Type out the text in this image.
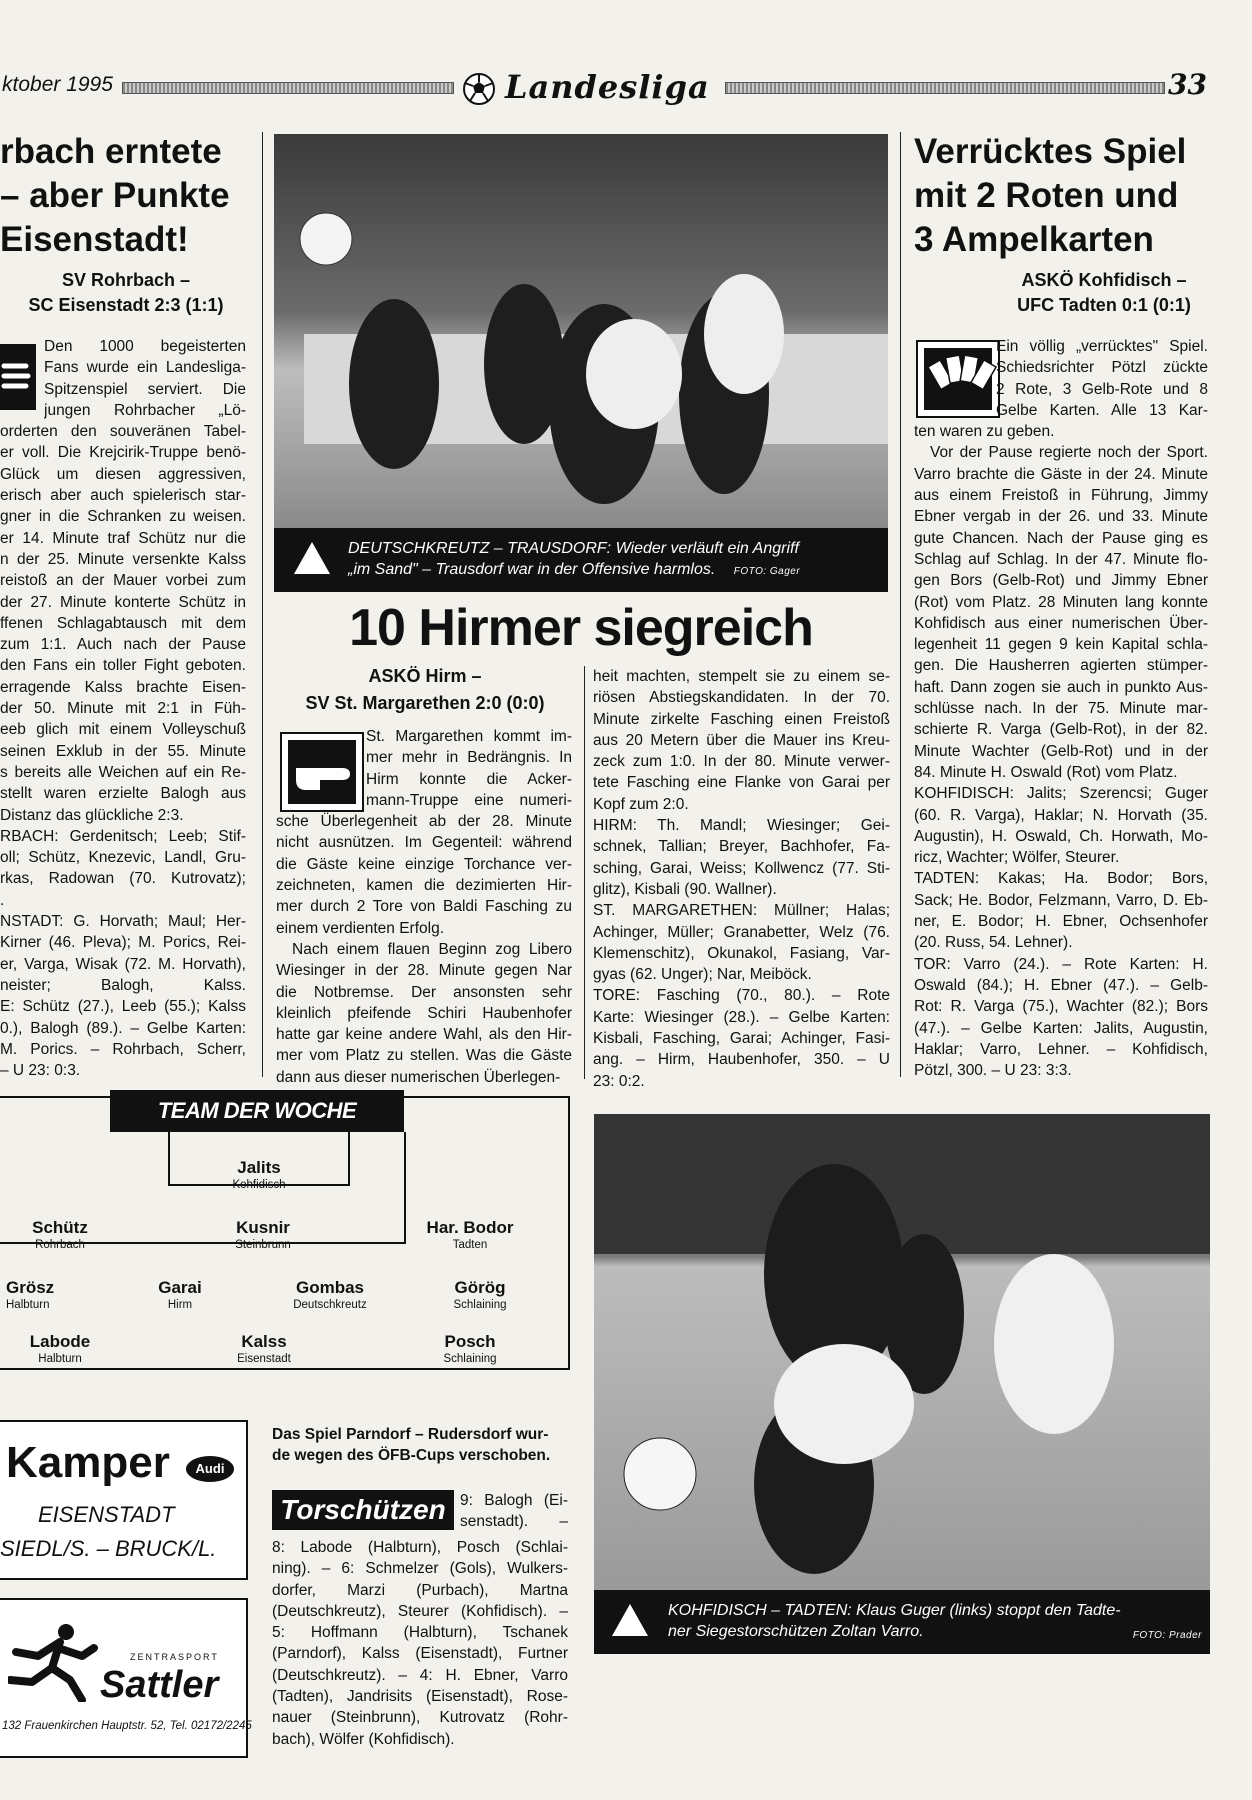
ktober 1995	Landesliga	33
rbach erntete
– aber Punkte
Eisenstadt!
SV Rohrbach –
SC Eisenstadt 2:3 (1:1)
Den 1000 begeisterten
Fans wurde ein Landesliga-
Spitzenspiel serviert. Die
jungen Rohrbacher „Lö-
orderten den souveränen Tabel-
er voll. Die Krejcirik-Truppe benö-
Glück um diesen aggressiven,
erisch aber auch spielerisch star-
gner in die Schranken zu weisen.
er 14. Minute traf Schütz nur die
n der 25. Minute versenkte Kalss
reistoß an der Mauer vorbei zum
der 27. Minute konterte Schütz in
ffenen Schlagabtausch mit dem
zum 1:1. Auch nach der Pause
den Fans ein toller Fight geboten.
erragende Kalss brachte Eisen-
der 50. Minute mit 2:1 in Füh-
eeb glich mit einem Volleyschuß
seinen Exklub in der 55. Minute
s bereits alle Weichen auf ein Re-
stellt waren erzielte Balogh aus
Distanz das glückliche 2:3.
RBACH: Gerdenitsch; Leeb; Stif-
oll; Schütz, Knezevic, Landl, Gru-
rkas, Radowan (70. Kutrovatz);
.
NSTADT: G. Horvath; Maul; Her-
Kirner (46. Pleva); M. Porics, Rei-
er, Varga, Wisak (72. M. Horvath),
neister; Balogh, Kalss.
E: Schütz (27.), Leeb (55.); Kalss
0.), Balogh (89.). – Gelbe Karten:
M. Porics. – Rohrbach, Scherr,
– U 23: 0:3.
DEUTSCHKREUTZ – TRAUSDORF: Wieder verläuft ein Angriff
„im Sand" – Trausdorf war in der Offensive harmlos. FOTO: Gager
10 Hirmer siegreich
ASKÖ Hirm –
SV St. Margarethen 2:0 (0:0)
St. Margarethen kommt im-
mer mehr in Bedrängnis. In
Hirm konnte die Acker-
mann-Truppe eine numeri-
sche Überlegenheit ab der 28. Minute
nicht ausnützen. Im Gegenteil: während
die Gäste keine einzige Torchance ver-
zeichneten, kamen die dezimierten Hir-
mer durch 2 Tore von Baldi Fasching zu
einem verdienten Erfolg.
Nach einem flauen Beginn zog Libero
Wiesinger in der 28. Minute gegen Nar
die Notbremse. Der ansonsten sehr
kleinlich pfeifende Schiri Haubenhofer
hatte gar keine andere Wahl, als den Hir-
mer vom Platz zu stellen. Was die Gäste
dann aus dieser numerischen Überlegen-
heit machten, stempelt sie zu einem se-
riösen Abstiegskandidaten. In der 70.
Minute zirkelte Fasching einen Freistoß
aus 20 Metern über die Mauer ins Kreu-
zeck zum 1:0. In der 80. Minute verwer-
tete Fasching eine Flanke von Garai per
Kopf zum 2:0.
HIRM: Th. Mandl; Wiesinger; Gei-
schnek, Tallian; Breyer, Bachhofer, Fa-
sching, Garai, Weiss; Kollwencz (77. Sti-
glitz), Kisbali (90. Wallner).
ST. MARGARETHEN: Müllner; Halas;
Achinger, Müller; Granabetter, Welz (76.
Klemenschitz), Okunakol, Fasiang, Var-
gyas (62. Unger); Nar, Meiböck.
TORE: Fasching (70., 80.). – Rote
Karte: Wiesinger (28.). – Gelbe Karten:
Kisbali, Fasching, Garai; Achinger, Fasi-
ang. – Hirm, Haubenhofer, 350. – U
23: 0:2.
Verrücktes Spiel
mit 2 Roten und
3 Ampelkarten
ASKÖ Kohfidisch –
UFC Tadten 0:1 (0:1)
Ein völlig „verrücktes" Spiel.
Schiedsrichter Pötzl zückte
2 Rote, 3 Gelb-Rote und 8
Gelbe Karten. Alle 13 Kar-
ten waren zu geben.
Vor der Pause regierte noch der Sport.
Varro brachte die Gäste in der 24. Minute
aus einem Freistoß in Führung, Jimmy
Ebner vergab in der 26. und 33. Minute
gute Chancen. Nach der Pause ging es
Schlag auf Schlag. In der 47. Minute flo-
gen Bors (Gelb-Rot) und Jimmy Ebner
(Rot) vom Platz. 28 Minuten lang konnte
Kohfidisch aus einer numerischen Über-
legenheit 11 gegen 9 kein Kapital schla-
gen. Die Hausherren agierten stümper-
haft. Dann zogen sie auch in punkto Aus-
schlüsse nach. In der 75. Minute mar-
schierte R. Varga (Gelb-Rot), in der 82.
Minute Wachter (Gelb-Rot) und in der
84. Minute H. Oswald (Rot) vom Platz.
KOHFIDISCH: Jalits; Szerencsi; Guger
(60. R. Varga), Haklar; N. Horvath (35.
Augustin), H. Oswald, Ch. Horwath, Mo-
ricz, Wachter; Wölfer, Steurer.
TADTEN: Kakas; Ha. Bodor; Bors,
Sack; He. Bodor, Felzmann, Varro, D. Eb-
ner, E. Bodor; H. Ebner, Ochsenhofer
(20. Russ, 54. Lehner).
TOR: Varro (24.). – Rote Karten: H.
Oswald (84.); H. Ebner (47.). – Gelb-
Rot: R. Varga (75.), Wachter (82.); Bors
(47.). – Gelbe Karten: Jalits, Augustin,
Haklar; Varro, Lehner. – Kohfidisch,
Pötzl, 300. – U 23: 3:3.
TEAM DER WOCHE
Jalits
Kohfidisch
Schütz
Rohrbach
Kusnir
Steinbrunn
Har. Bodor
Tadten
Grösz
Halbturn
Garai
Hirm
Gombas
Deutschkreutz
Görög
Schlaining
Labode
Halbturn
Kalss
Eisenstadt
Posch
Schlaining
Kamper	Audi
EISENSTADT
SIEDL/S. – BRUCK/L.
ZENTRASPORT
Sattler
132 Frauenkirchen Hauptstr. 52, Tel. 02172/2245
Das Spiel Parndorf – Rudersdorf wur-
de wegen des ÖFB-Cups verschoben.
Torschützen 9: Balogh (Ei-
senstadt). –
8: Labode (Halbturn), Posch (Schlai-
ning). – 6: Schmelzer (Gols), Wulkers-
dorfer, Marzi (Purbach), Martna
(Deutschkreutz), Steurer (Kohfidisch). –
5: Hoffmann (Halbturn), Tschanek
(Parndorf), Kalss (Eisenstadt), Furtner
(Deutschkreutz). – 4: H. Ebner, Varro
(Tadten), Jandrisits (Eisenstadt), Rose-
nauer (Steinbrunn), Kutrovatz (Rohr-
bach), Wölfer (Kohfidisch).
KOHFIDISCH – TADTEN: Klaus Guger (links) stoppt den Tadte-
ner Siegestorschützen Zoltan Varro.	FOTO: Prader
